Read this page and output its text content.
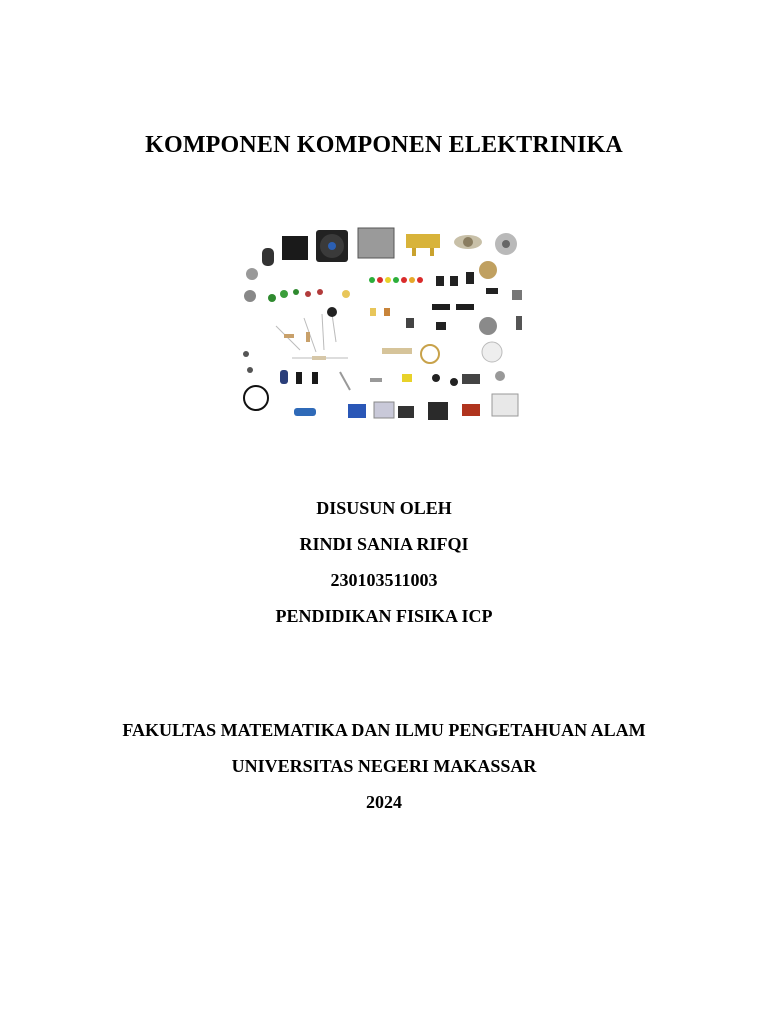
KOMPONEN KOMPONEN ELEKTRINIKA
DISUSUN OLEH
RINDI SANIA RIFQI
230103511003
PENDIDIKAN FISIKA ICP
FAKULTAS MATEMATIKA DAN ILMU PENGETAHUAN ALAM
UNIVERSITAS NEGERI MAKASSAR
2024
